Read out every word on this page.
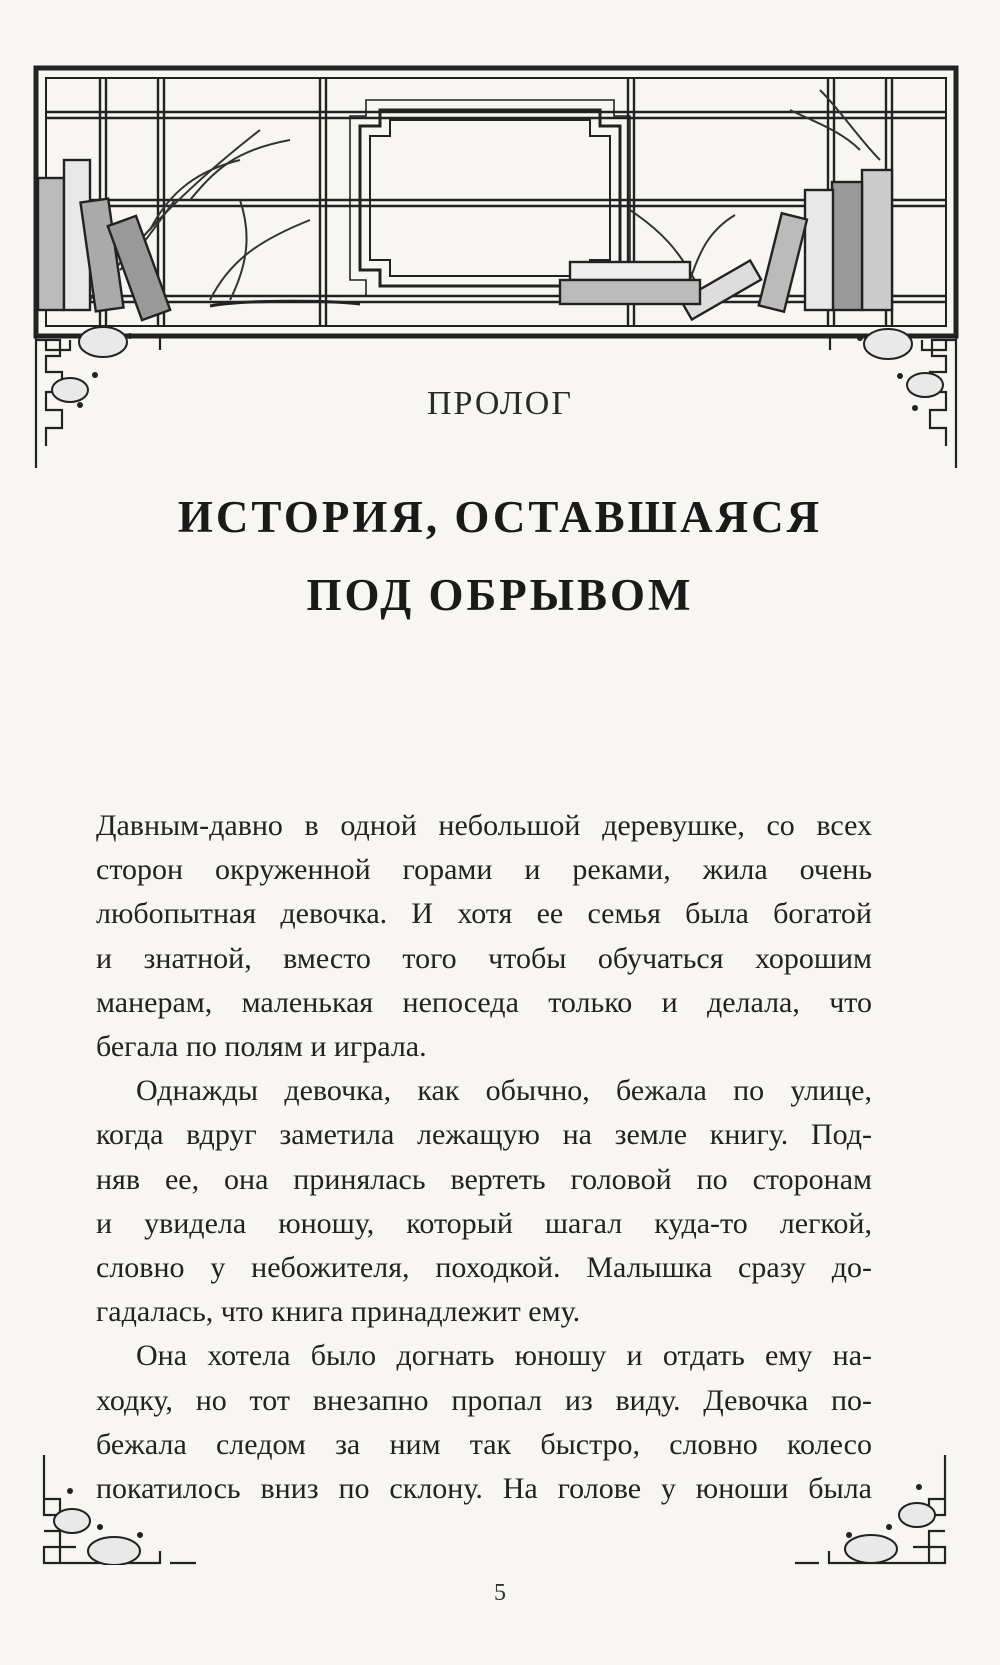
ПРОЛОГ
ИСТОРИЯ, ОСТАВШАЯСЯ
ПОД ОБРЫВОМ

Давным-давно в одной небольшой деревушке, со всех
сторон окруженной горами и реками, жила очень
любопытная девочка. И хотя ее семья была богатой
и знатной, вместо того чтобы обучаться хорошим
манерам, маленькая непоседа только и делала, что
бегала по полям и играла.

Однажды девочка, как обычно, бежала по улице,
когда вдруг заметила лежащую на земле книгу. Под-
няв ее, она принялась вертеть головой по сторонам
и увидела юношу, который шагал куда-то легкой,
словно у небожителя, походкой. Малышка сразу до-
гадалась, что книга принадлежит ему.

Она хотела было догнать юношу и отдать ему на-
ходку, но тот внезапно пропал из виду. Девочка по-
бежала следом за ним так быстро, словно колесо
покатилось вниз по склону. На голове у юноши была

5
